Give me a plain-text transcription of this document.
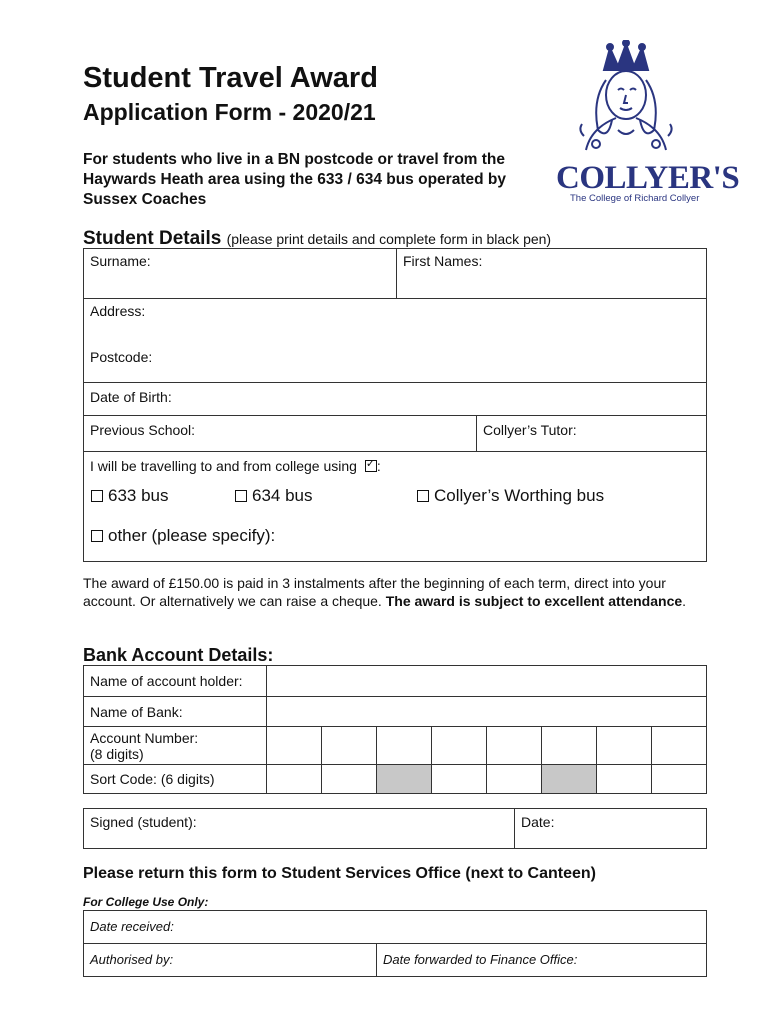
Student Travel Award
Application Form - 2020/21
For students who live in a BN postcode or travel from the Haywards Heath area using the 633 / 634 bus operated by Sussex Coaches
COLLYER'S
The College of Richard Collyer
Student Details (please print details and complete form in black pen)
Surname:	First Names:

Address:
Postcode:

Date of Birth:

Previous School:	Collyer’s Tutor:

I will be travelling to and from college using ✓ :
633 bus	634 bus	Collyer’s Worthing bus
other (please specify):
The award of £150.00 is paid in 3 instalments after the beginning of each term, direct into your account. Or alternatively we can raise a cheque. The award is subject to excellent attendance.
Bank Account Details:
Name of account holder:								
Name of Bank:								

Account Number:
(8 digits)								

Sort Code: (6 digits)								
Signed (student):	Date:
Please return this form to Student Services Office (next to Canteen)
For College Use Only:
Date received:
Authorised by:	Date forwarded to Finance Office:
